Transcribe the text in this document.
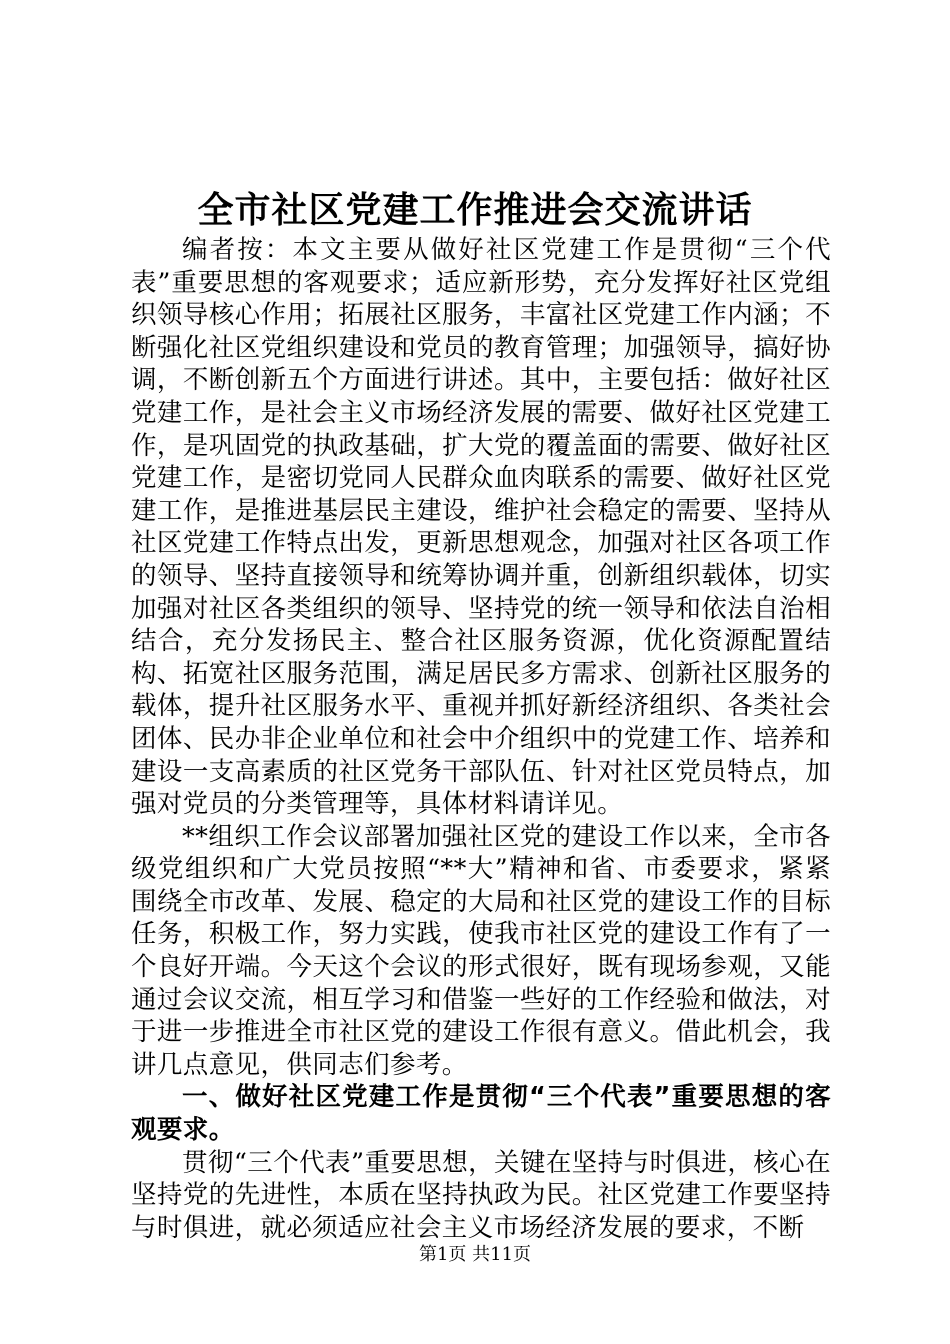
全市社区党建工作推进会交流讲话

编者按：本文主要从做好社区党建工作是贯彻“三个代表”重要思想的客观要求；适应新形势，充分发挥好社区党组织领导核心作用；拓展社区服务，丰富社区党建工作内涵；不断强化社区党组织建设和党员的教育管理；加强领导，搞好协调，不断创新五个方面进行讲述。其中，主要包括：做好社区党建工作，是社会主义市场经济发展的需要、做好社区党建工作，是巩固党的执政基础，扩大党的覆盖面的需要、做好社区党建工作，是密切党同人民群众血肉联系的需要、做好社区党建工作，是推进基层民主建设，维护社会稳定的需要、坚持从社区党建工作特点出发，更新思想观念，加强对社区各项工作的领导、坚持直接领导和统筹协调并重，创新组织载体，切实加强对社区各类组织的领导、坚持党的统一领导和依法自治相结合，充分发扬民主、整合社区服务资源，优化资源配置结构、拓宽社区服务范围，满足居民多方需求、创新社区服务的载体，提升社区服务水平、重视并抓好新经济组织、各类社会团体、民办非企业单位和社会中介组织中的党建工作、培养和建设一支高素质的社区党务干部队伍、针对社区党员特点，加强对党员的分类管理等，具体材料请详见。

**组织工作会议部署加强社区党的建设工作以来，全市各级党组织和广大党员按照“**大”精神和省、市委要求，紧紧围绕全市改革、发展、稳定的大局和社区党的建设工作的目标任务，积极工作，努力实践，使我市社区党的建设工作有了一个良好开端。今天这个会议的形式很好，既有现场参观，又能通过会议交流，相互学习和借鉴一些好的工作经验和做法，对于进一步推进全市社区党的建设工作很有意义。借此机会，我讲几点意见，供同志们参考。

一、做好社区党建工作是贯彻“三个代表”重要思想的客观要求。

贯彻“三个代表”重要思想，关键在坚持与时俱进，核心在坚持党的先进性，本质在坚持执政为民。社区党建工作要坚持与时俱进，就必须适应社会主义市场经济发展的要求，不断

第1页 共11页
